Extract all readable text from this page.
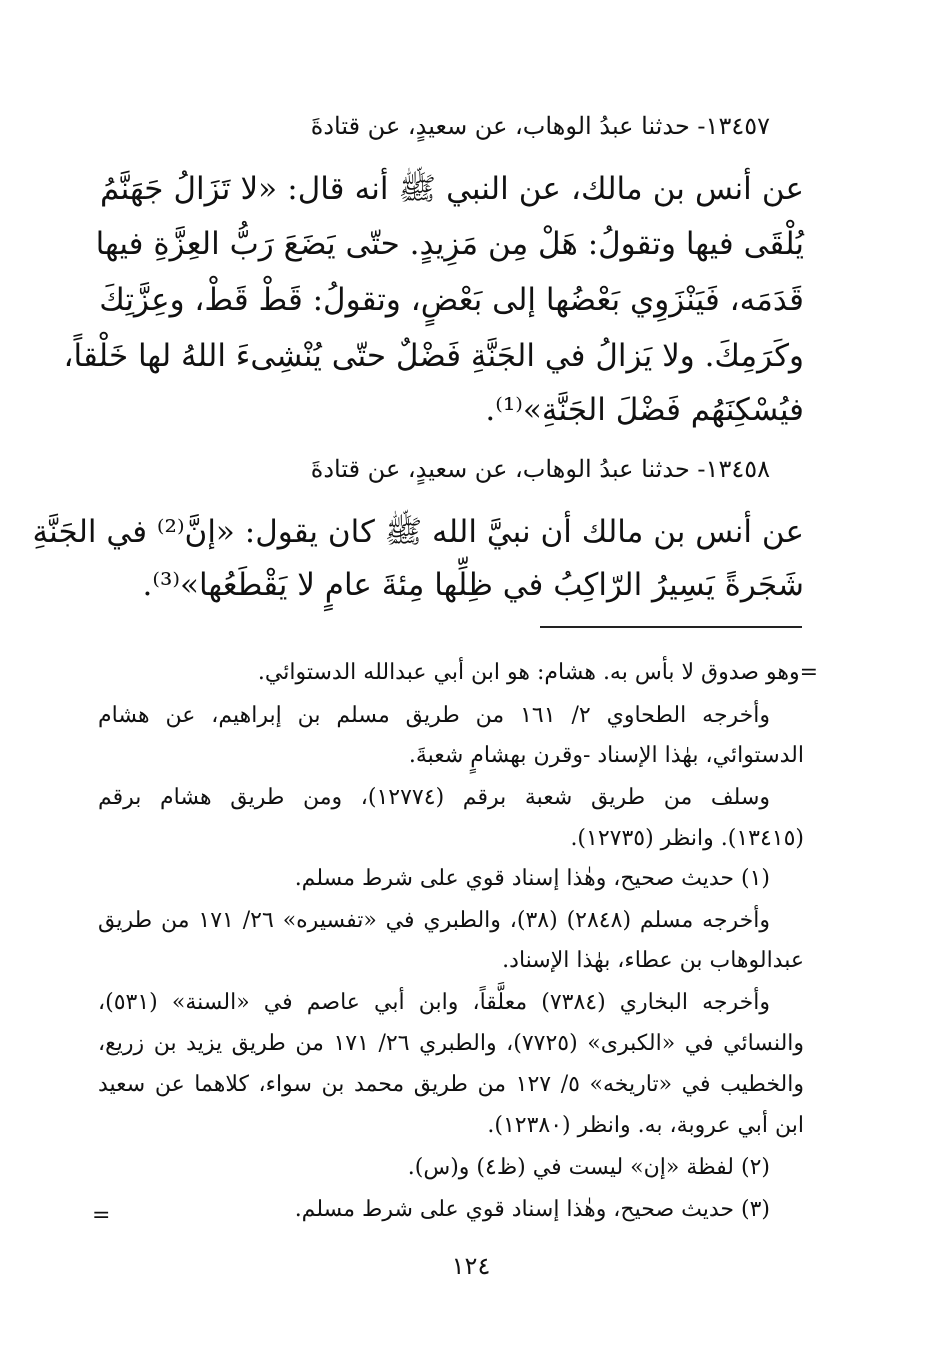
١٣٤٥٧- حدثنا عبدُ الوهاب، عن سعيدٍ، عن قتادةَ
عن أنس بن مالك، عن النبي ﷺ أنه قال: «لا تَزَالُ جَهَنَّمُ
يُلْقَى فيها وتقولُ: هَلْ مِن مَزِيدٍ. حتّى يَضَعَ رَبُّ العِزَّةِ فيها
قَدَمَه، فَيَنْزَوِي بَعْضُها إلى بَعْضٍ، وتقولُ: قَطْ قَطْ، وعِزَّتِكَ
وكَرَمِكَ. ولا يَزالُ في الجَنَّةِ فَضْلٌ حتّى يُنْشِىءَ اللهُ لها خَلْقاً،
فيُسْكِنَهُم فَضْلَ الجَنَّةِ»⁽¹⁾.
١٣٤٥٨- حدثنا عبدُ الوهاب، عن سعيدٍ، عن قتادةَ
عن أنس بن مالك أن نبيَّ الله ﷺ كان يقول: «إنَّ⁽²⁾ في الجَنَّةِ
شَجَرةً يَسِيرُ الرّاكِبُ في ظِلِّها مِئةَ عامٍ لا يَقْطَعُها»⁽³⁾.
=وهو صدوق لا بأس به. هشام: هو ابن أبي عبدالله الدستوائي.
وأخرجه الطحاوي ٢/ ١٦١ من طريق مسلم بن إبراهيم، عن هشام
الدستوائي، بهٰذا الإسناد -وقرن بهشامٍ شعبةَ.
وسلف من طريق شعبة برقم (١٢٧٧٤)، ومن طريق هشام برقم
(١٣٤١٥). وانظر (١٢٧٣٥).
(١) حديث صحيح، وهٰذا إسناد قوي على شرط مسلم.
وأخرجه مسلم (٢٨٤٨) (٣٨)، والطبري في «تفسيره» ٢٦/ ١٧١ من طريق
عبدالوهاب بن عطاء، بهٰذا الإسناد.
وأخرجه البخاري (٧٣٨٤) معلَّقاً، وابن أبي عاصم في «السنة» (٥٣١)،
والنسائي في «الكبرى» (٧٧٢٥)، والطبري ٢٦/ ١٧١ من طريق يزيد بن زريع،
والخطيب في «تاريخه» ٥/ ١٢٧ من طريق محمد بن سواء، كلاهما عن سعيد
ابن أبي عروبة، به. وانظر (١٢٣٨٠).
(٢) لفظة «إن» ليست في (ظ٤) و(س).
(٣) حديث صحيح، وهٰذا إسناد قوي على شرط مسلم.
=
١٢٤
